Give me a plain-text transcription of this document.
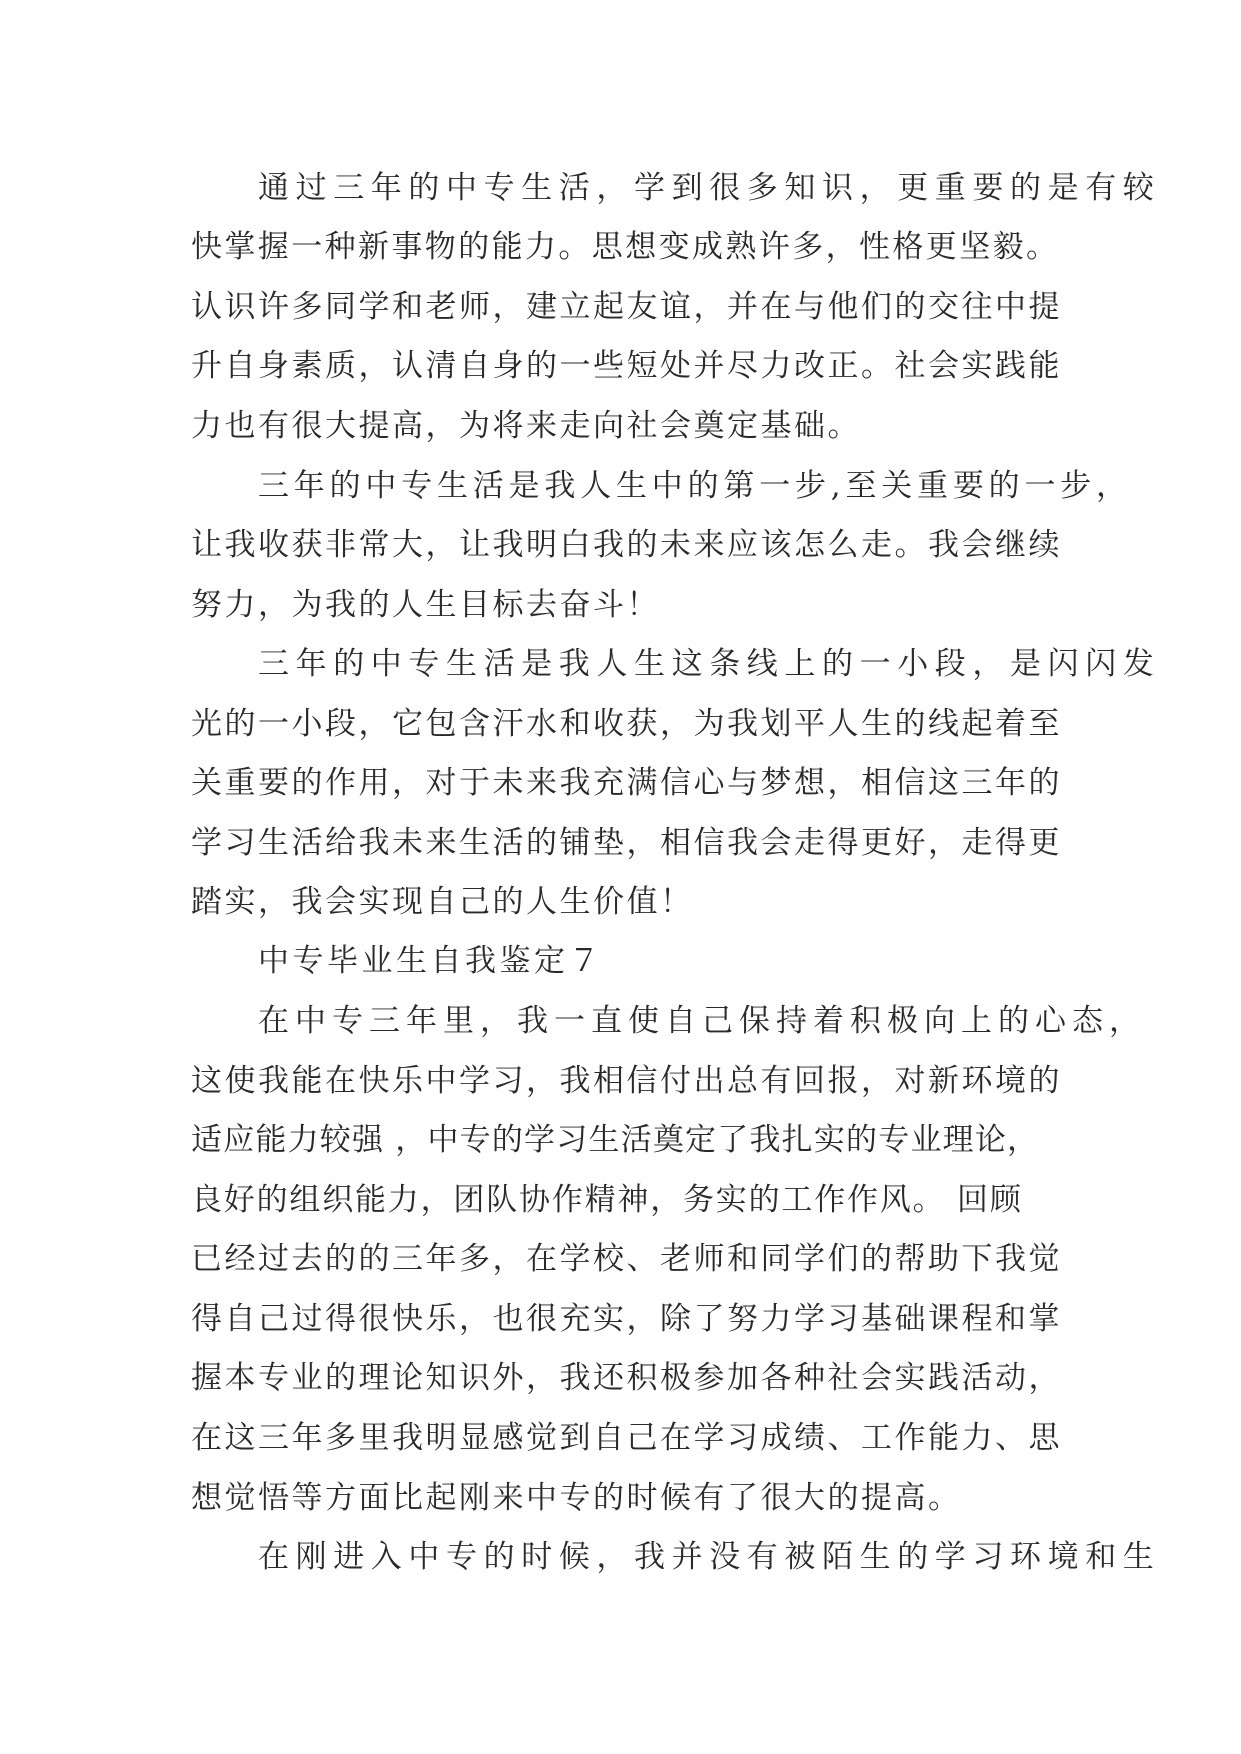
通过三年的中专生活，学到很多知识，更重要的是有较
快掌握一种新事物的能力。思想变成熟许多，性格更坚毅。
认识许多同学和老师，建立起友谊，并在与他们的交往中提
升自身素质，认清自身的一些短处并尽力改正。社会实践能
力也有很大提高，为将来走向社会奠定基础。
三年的中专生活是我人生中的第一步,至关重要的一步，
让我收获非常大，让我明白我的未来应该怎么走。我会继续
努力，为我的人生目标去奋斗！
三年的中专生活是我人生这条线上的一小段，是闪闪发
光的一小段，它包含汗水和收获，为我划平人生的线起着至
关重要的作用，对于未来我充满信心与梦想，相信这三年的
学习生活给我未来生活的铺垫，相信我会走得更好，走得更
踏实，我会实现自己的人生价值！
中专毕业生自我鉴定７
在中专三年里，我一直使自己保持着积极向上的心态，
这使我能在快乐中学习，我相信付出总有回报，对新环境的
适应能力较强 ，中专的学习生活奠定了我扎实的专业理论，
良好的组织能力，团队协作精神，务实的工作作风。 回顾
已经过去的的三年多，在学校、老师和同学们的帮助下我觉
得自己过得很快乐，也很充实，除了努力学习基础课程和掌
握本专业的理论知识外，我还积极参加各种社会实践活动，
在这三年多里我明显感觉到自己在学习成绩、工作能力、思
想觉悟等方面比起刚来中专的时候有了很大的提高。
在刚进入中专的时候，我并没有被陌生的学习环境和生
